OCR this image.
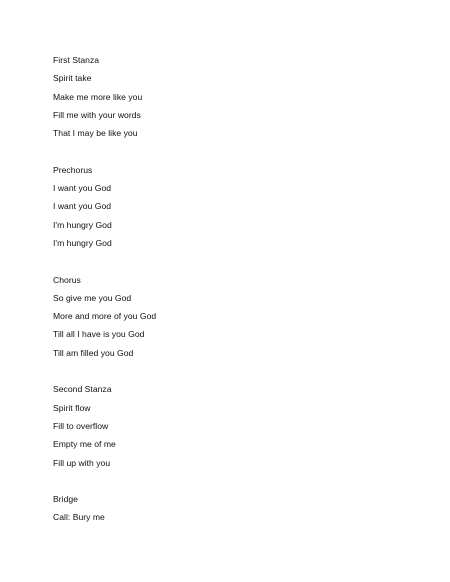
First Stanza
Spirit take
Make me more like you
Fill me with your words
That I may be like you
Prechorus
I want you God
I want you God
I'm hungry God
I'm hungry God
Chorus
So give me you God
More and more of you God
Till all I have is you God
Till am filled you God
Second Stanza
Spirit flow
Fill to overflow
Empty me of me
Fill up with you
Bridge
Call: Bury me
